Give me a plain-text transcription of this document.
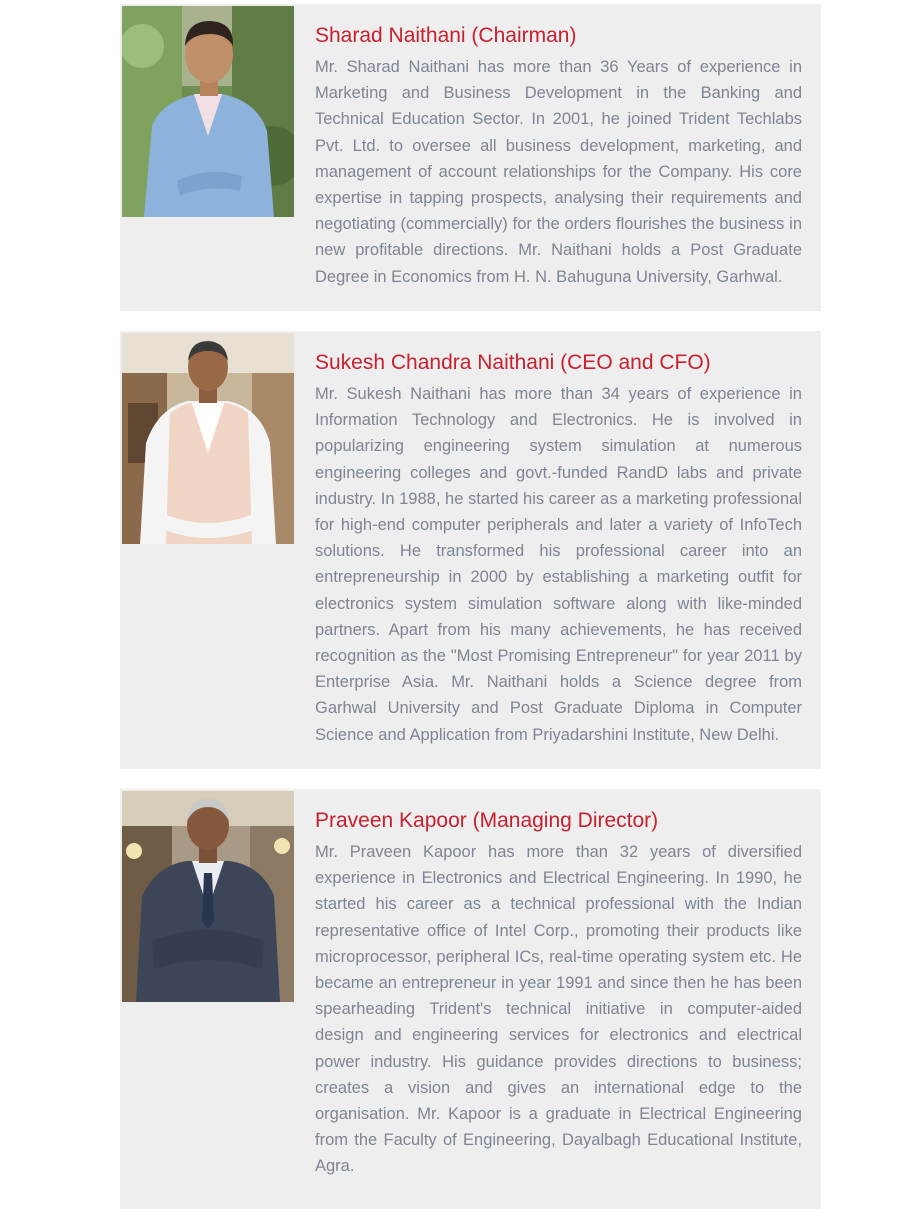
Sharad Naithani (Chairman)

Mr. Sharad Naithani has more than 36 Years of experience in Marketing and Business Development in the Banking and Technical Education Sector. In 2001, he joined Trident Techlabs Pvt. Ltd. to oversee all business development, marketing, and management of account relationships for the Company. His core expertise in tapping prospects, analysing their requirements and negotiating (commercially) for the orders flourishes the business in new profitable directions. Mr. Naithani holds a Post Graduate Degree in Economics from H. N. Bahuguna University, Garhwal.

Sukesh Chandra Naithani (CEO and CFO)

Mr. Sukesh Naithani has more than 34 years of experience in Information Technology and Electronics. He is involved in popularizing engineering system simulation at numerous engineering colleges and govt.-funded RandD labs and private industry. In 1988, he started his career as a marketing professional for high-end computer peripherals and later a variety of InfoTech solutions. He transformed his professional career into an entrepreneurship in 2000 by establishing a marketing outfit for electronics system simulation software along with like-minded partners. Apart from his many achievements, he has received recognition as the "Most Promising Entrepreneur" for year 2011 by Enterprise Asia. Mr. Naithani holds a Science degree from Garhwal University and Post Graduate Diploma in Computer Science and Application from Priyadarshini Institute, New Delhi.

Praveen Kapoor (Managing Director)

Mr. Praveen Kapoor has more than 32 years of diversified experience in Electronics and Electrical Engineering. In 1990, he started his career as a technical professional with the Indian representative office of Intel Corp., promoting their products like microprocessor, peripheral ICs, real-time operating system etc. He became an entrepreneur in year 1991 and since then he has been spearheading Trident's technical initiative in computer-aided design and engineering services for electronics and electrical power industry. His guidance provides directions to business; creates a vision and gives an international edge to the organisation. Mr. Kapoor is a graduate in Electrical Engineering from the Faculty of Engineering, Dayalbagh Educational Institute, Agra.
